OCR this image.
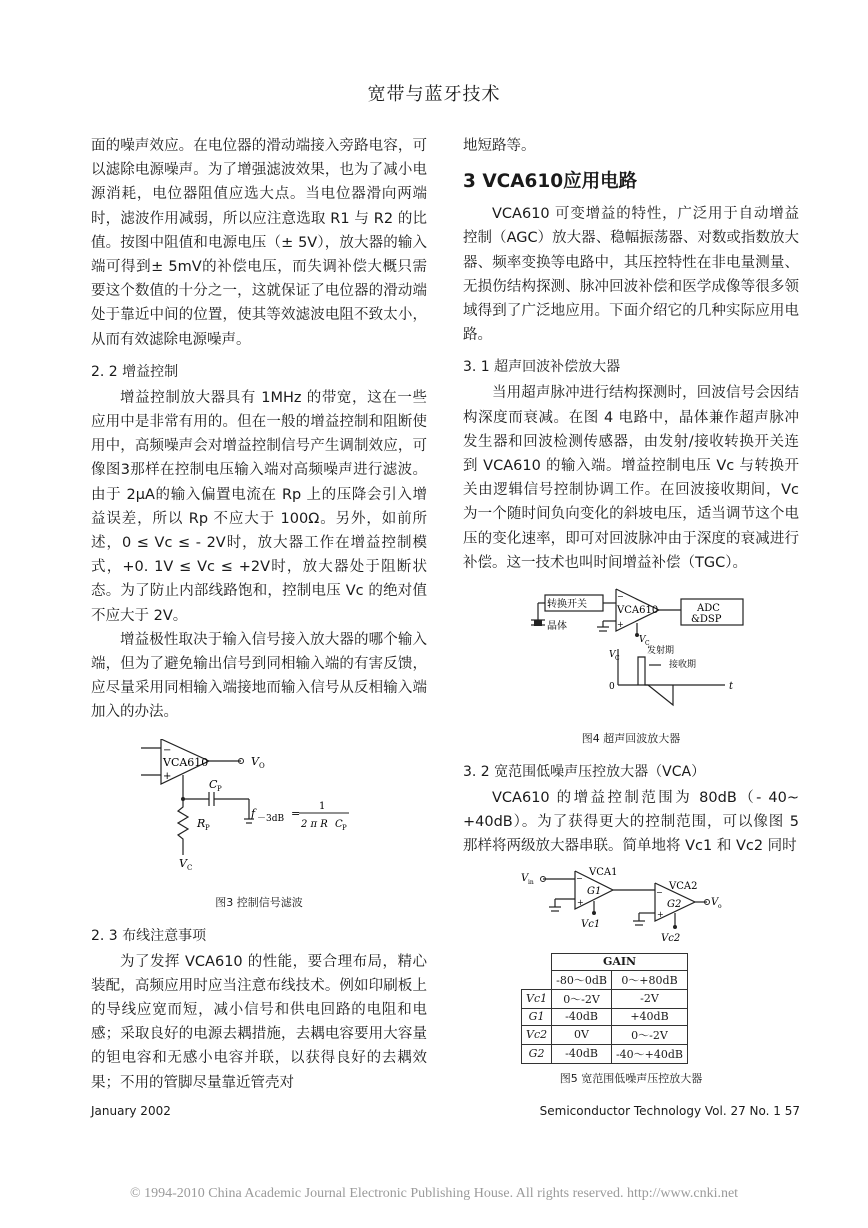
宽带与蓝牙技术

面的噪声效应。在电位器的滑动端接入旁路电容，可以滤除电源噪声。为了增强滤波效果，也为了减小电源消耗，电位器阻值应选大点。当电位器滑向两端时，滤波作用减弱，所以应注意选取 R1 与 R2 的比值。按图中阻值和电源电压（± 5V），放大器的输入端可得到± 5mV的补偿电压，而失调补偿大概只需要这个数值的十分之一，这就保证了电位器的滑动端处于靠近中间的位置，使其等效滤波电阻不致太小，从而有效滤除电源噪声。

2. 2 增益控制

增益控制放大器具有 1MHz 的带宽，这在一些应用中是非常有用的。但在一般的增益控制和阻断使用中，高频噪声会对增益控制信号产生调制效应，可像图3那样在控制电压输入端对高频噪声进行滤波。由于 2μA的输入偏置电流在 Rp 上的压降会引入增益误差，所以 Rp 不应大于 100Ω。另外，如前所述，0 ≤ Vc ≤ - 2V时，放大器工作在增益控制模式，+0. 1V ≤ Vc ≤ +2V时，放大器处于阻断状态。为了防止内部线路饱和，控制电压 Vc 的绝对值不应大于 2V。

增益极性取决于输入信号接入放大器的哪个输入端，但为了避免输出信号到同相输入端的有害反馈，应尽量采用同相输入端接地而输入信号从反相输入端加入的办法。

−
VCA610
+
V O
C P
R P
V C
f －3dB =
1
2 π R C P
图3 控制信号滤波
2. 3 布线注意事项

为了发挥 VCA610 的性能，要合理布局，精心装配，高频应用时应当注意布线技术。例如印刷板上的导线应宽而短，减小信号和供电回路的电阻和电感；采取良好的电源去耦措施，去耦电容要用大容量的钽电容和无感小电容并联，以获得良好的去耦效果；不用的管脚尽量靠近管壳对

地短路等。

3 VCA610应用电路

VCA610 可变增益的特性，广泛用于自动增益控制（AGC）放大器、稳幅振荡器、对数或指数放大器、频率变换等电路中，其压控特性在非电量测量、无损伤结构探测、脉冲回波补偿和医学成像等很多领域得到了广泛地应用。下面介绍它的几种实际应用电路。

3. 1 超声回波补偿放大器

当用超声脉冲进行结构探测时，回波信号会因结构深度而衰减。在图 4 电路中，晶体兼作超声脉冲发生器和回波检测传感器，由发射/接收转换开关连到 VCA610 的输入端。增益控制电压 Vc 与转换开关由逻辑信号控制协调工作。在回波接收期间，Vc 为一个随时间负向变化的斜坡电压，适当调节这个电压的变化速率，即可对回波脉冲由于深度的衰减进行补偿。这一技术也叫时间增益补偿（TGC）。

转换开关
−
VCA610
+
ADC
&DSP
晶体
V C
V C
发射期
接收期
0	t
图4 超声回波放大器
3. 2 宽范围低噪声压控放大器（VCA）

VCA610 的增益控制范围为 80dB（- 40~ +40dB）。为了获得更大的控制范围，可以像图 5 那样将两级放大器串联。简单地将 Vc1 和 Vc2 同时

V in
VCA1
−
+
G1
Vc1
VCA2
−
+
G2	V o
Vc2
	GAIN	
	-80～0dB	0～+80dB
Vc1	0～-2V	-2V
G1	-40dB	+40dB
Vc2	0V	0～-2V
G2	-40dB	-40～+40dB
图5 宽范围低噪声压控放大器
January 2002	Semiconductor Technology Vol. 27 No. 1 57
© 1994-2010 China Academic Journal Electronic Publishing House. All rights reserved. http://www.cnki.net
